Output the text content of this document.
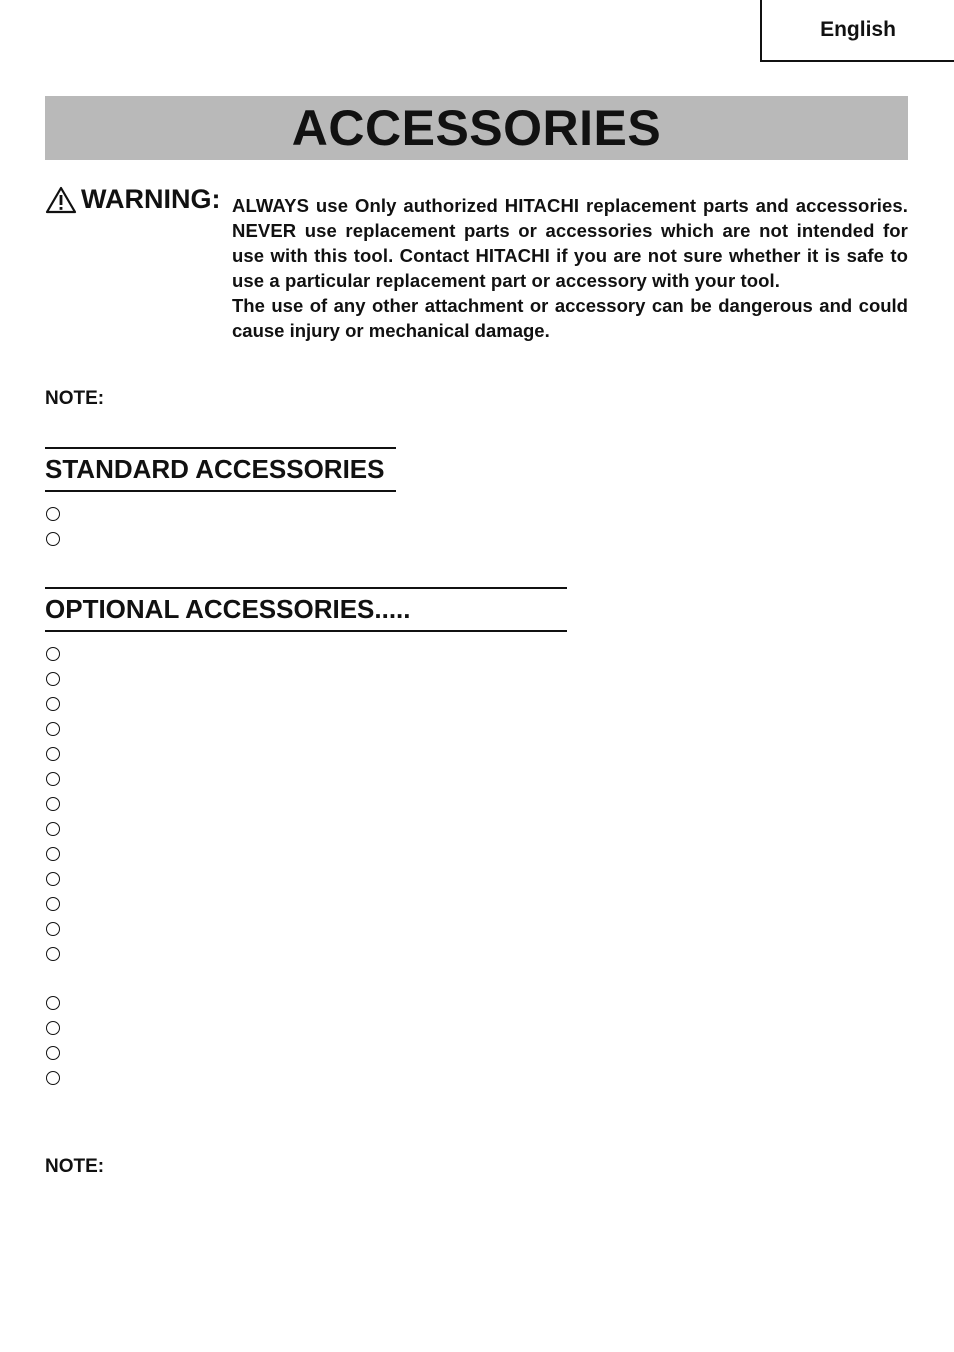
English
ACCESSORIES
WARNING: ALWAYS use Only authorized HITACHI replacement parts and accessories. NEVER use replacement parts or accessories which are not intended for use with this tool. Contact HITACHI if you are not sure whether it is safe to use a particular replacement part or accessory with your tool.

The use of any other attachment or accessory can be dangerous and could cause injury or mechanical damage.

NOTE:
STANDARD ACCESSORIES
OPTIONAL ACCESSORIES.....
NOTE:
